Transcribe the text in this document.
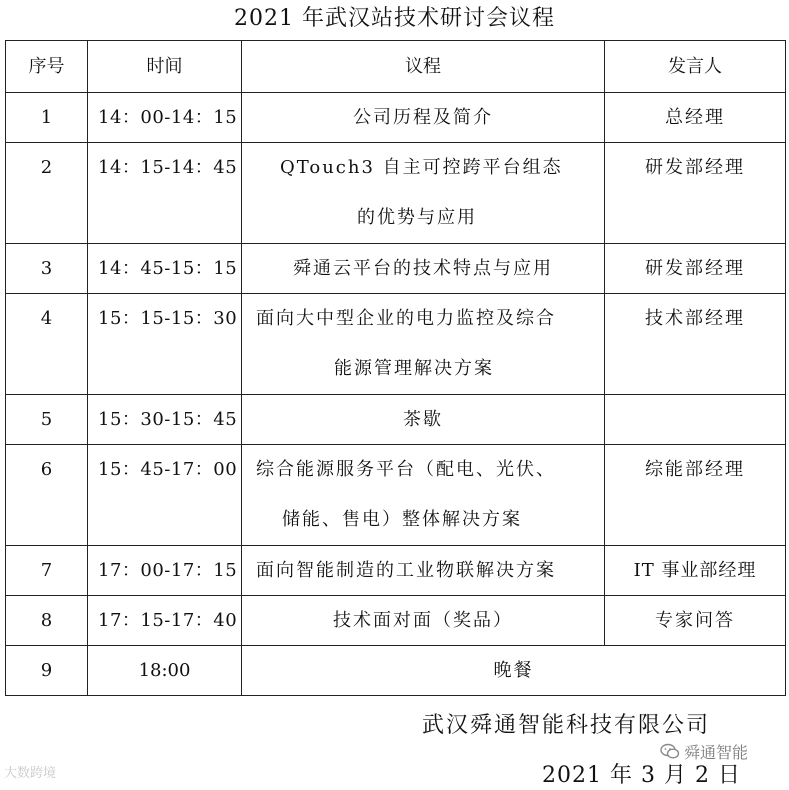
2021 年武汉站技术研讨会议程
序号	时间	议程	发言人

1	14：00-14：15	公司历程及简介	总经理

2	14：15-14：45	QTouch3 自主可控跨平台组态
的优势与应用	研发部经理

3	14：45-15：15	舜通云平台的技术特点与应用	研发部经理

4	15：15-15：30	面向大中型企业的电力监控及综合
能源管理解决方案	技术部经理

5	15：30-15：45	茶歇	

6	15：45-17：00	综合能源服务平台（配电、光伏、
储能、售电）整体解决方案	综能部经理

7	17：00-17：15	面向智能制造的工业物联解决方案	IT 事业部经理

8	17：15-17：40	技术面对面（奖品）	专家问答

9	18:00	晚餐	
武汉舜通智能科技有限公司
2021 年 3 月 2 日
大数跨境
舜通智能
